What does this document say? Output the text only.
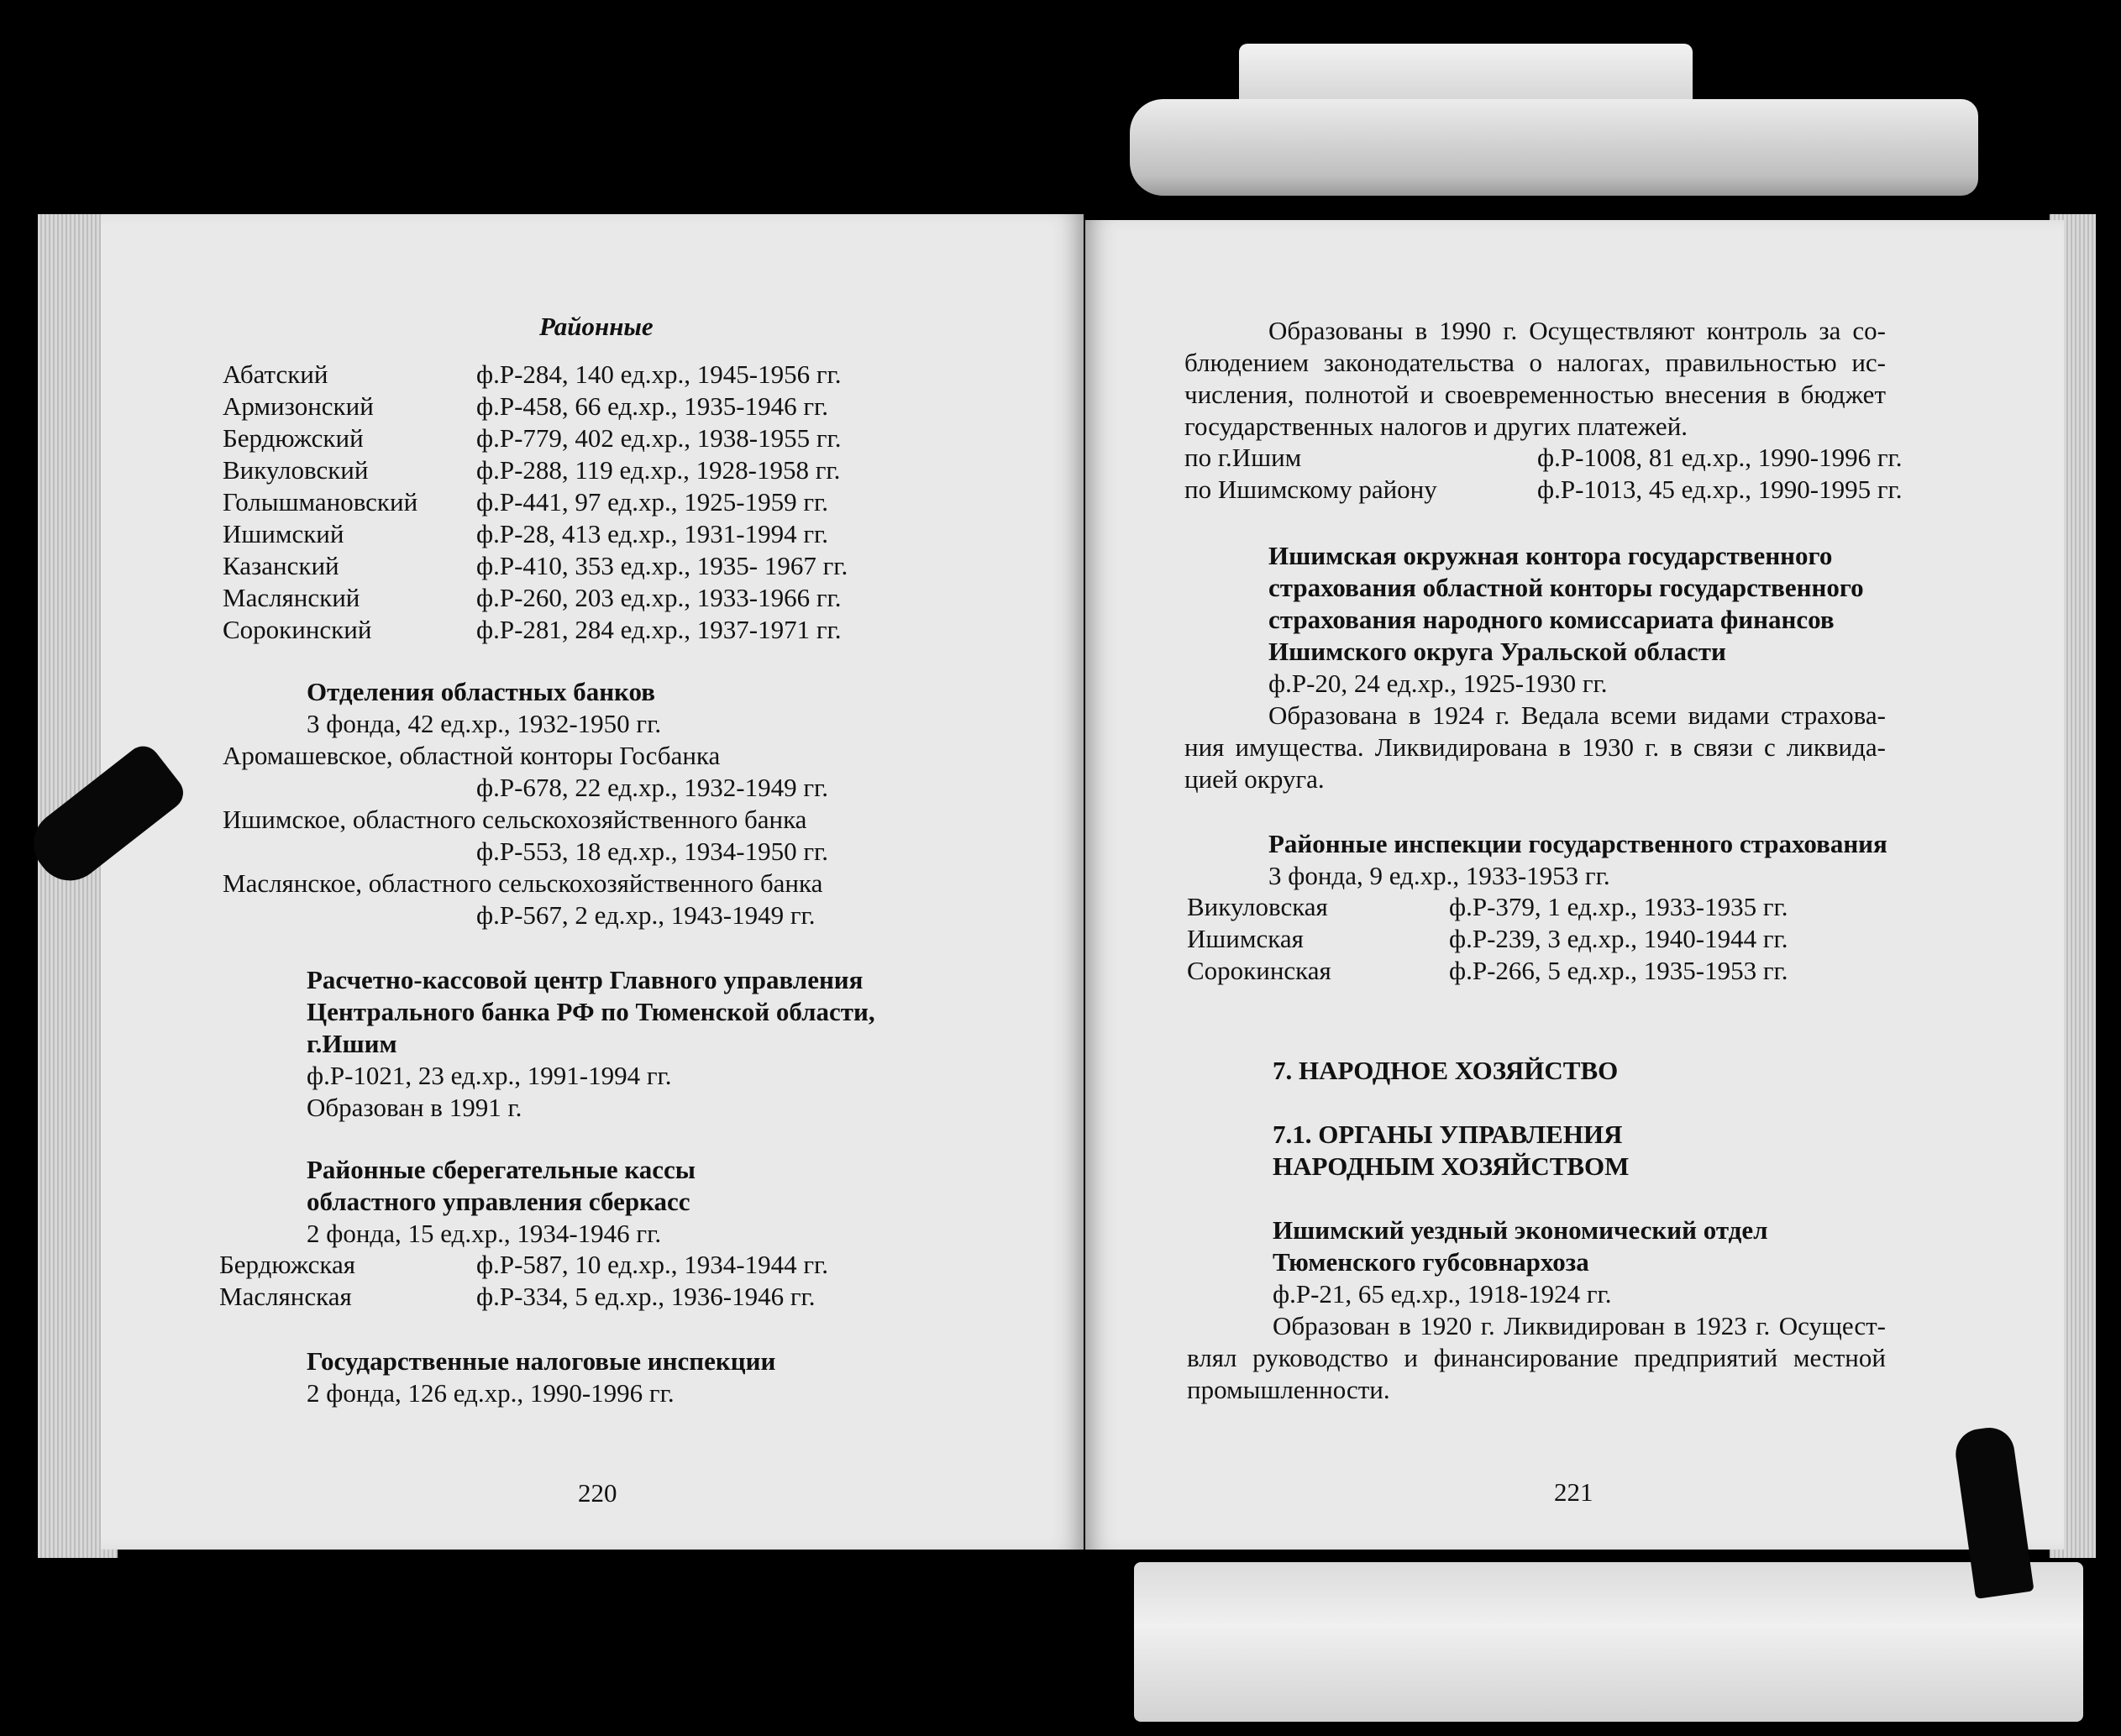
Районные
Абатский	ф.Р-284, 140 ед.хр., 1945-1956 гг.
Армизонский	ф.Р-458, 66 ед.хр., 1935-1946 гг.
Бердюжский	ф.Р-779, 402 ед.хр., 1938-1955 гг.
Викуловский	ф.Р-288, 119 ед.хр., 1928-1958 гг.
Голышмановский ф.Р-441, 97 ед.хр., 1925-1959 гг.
Ишимский	ф.Р-28, 413 ед.хр., 1931-1994 гг.
Казанский	ф.Р-410, 353 ед.хр., 1935- 1967 гг.
Маслянский	ф.Р-260, 203 ед.хр., 1933-1966 гг.
Сорокинский	ф.Р-281, 284 ед.хр., 1937-1971 гг.
Отделения областных банков
3 фонда, 42 ед.хр., 1932-1950 гг.
Аромашевское, областной конторы Госбанка
ф.Р-678, 22 ед.хр., 1932-1949 гг.
Ишимское, областного сельскохозяйственного банка
ф.Р-553, 18 ед.хр., 1934-1950 гг.
Маслянское, областного сельскохозяйственного банка
ф.Р-567, 2 ед.хр., 1943-1949 гг.
Расчетно-кассовой центр Главного управления
Центрального банка РФ по Тюменской области,
г.Ишим
ф.Р-1021, 23 ед.хр., 1991-1994 гг.
Образован в 1991 г.
Районные сберегательные кассы
областного управления сберкасс
2 фонда, 15 ед.хр., 1934-1946 гг.
Бердюжская	ф.Р-587, 10 ед.хр., 1934-1944 гг.
Маслянская	ф.Р-334, 5 ед.хр., 1936-1946 гг.
Государственные налоговые инспекции
2 фонда, 126 ед.хр., 1990-1996 гг.
220
Образованы в 1990 г. Осуществляют контроль за со-
блюдением законодательства о налогах, правильностью ис-
числения, полнотой и своевременностью внесения в бюджет
государственных налогов и других платежей.
по г.Ишим	ф.Р-1008, 81 ед.хр., 1990-1996 гг.
по Ишимскому району	ф.Р-1013, 45 ед.хр., 1990-1995 гг.
Ишимская окружная контора государственного
страхования областной конторы государственного
страхования народного комиссариата финансов
Ишимского округа Уральской области
ф.Р-20, 24 ед.хр., 1925-1930 гг.
Образована в 1924 г. Ведала всеми видами страхова-
ния имущества. Ликвидирована в 1930 г. в связи с ликвида-
цией округа.
Районные инспекции государственного страхования
3 фонда, 9 ед.хр., 1933-1953 гг.
Викуловская	ф.Р-379, 1 ед.хр., 1933-1935 гг.
Ишимская	ф.Р-239, 3 ед.хр., 1940-1944 гг.
Сорокинская	ф.Р-266, 5 ед.хр., 1935-1953 гг.
7. НАРОДНОЕ ХОЗЯЙСТВО
7.1. ОРГАНЫ УПРАВЛЕНИЯ
НАРОДНЫМ ХОЗЯЙСТВОМ
Ишимский уездный экономический отдел
Тюменского губсовнархоза
ф.Р-21, 65 ед.хр., 1918-1924 гг.
Образован в 1920 г. Ликвидирован в 1923 г. Осущест-
влял руководство и финансирование предприятий местной
промышленности.
221
